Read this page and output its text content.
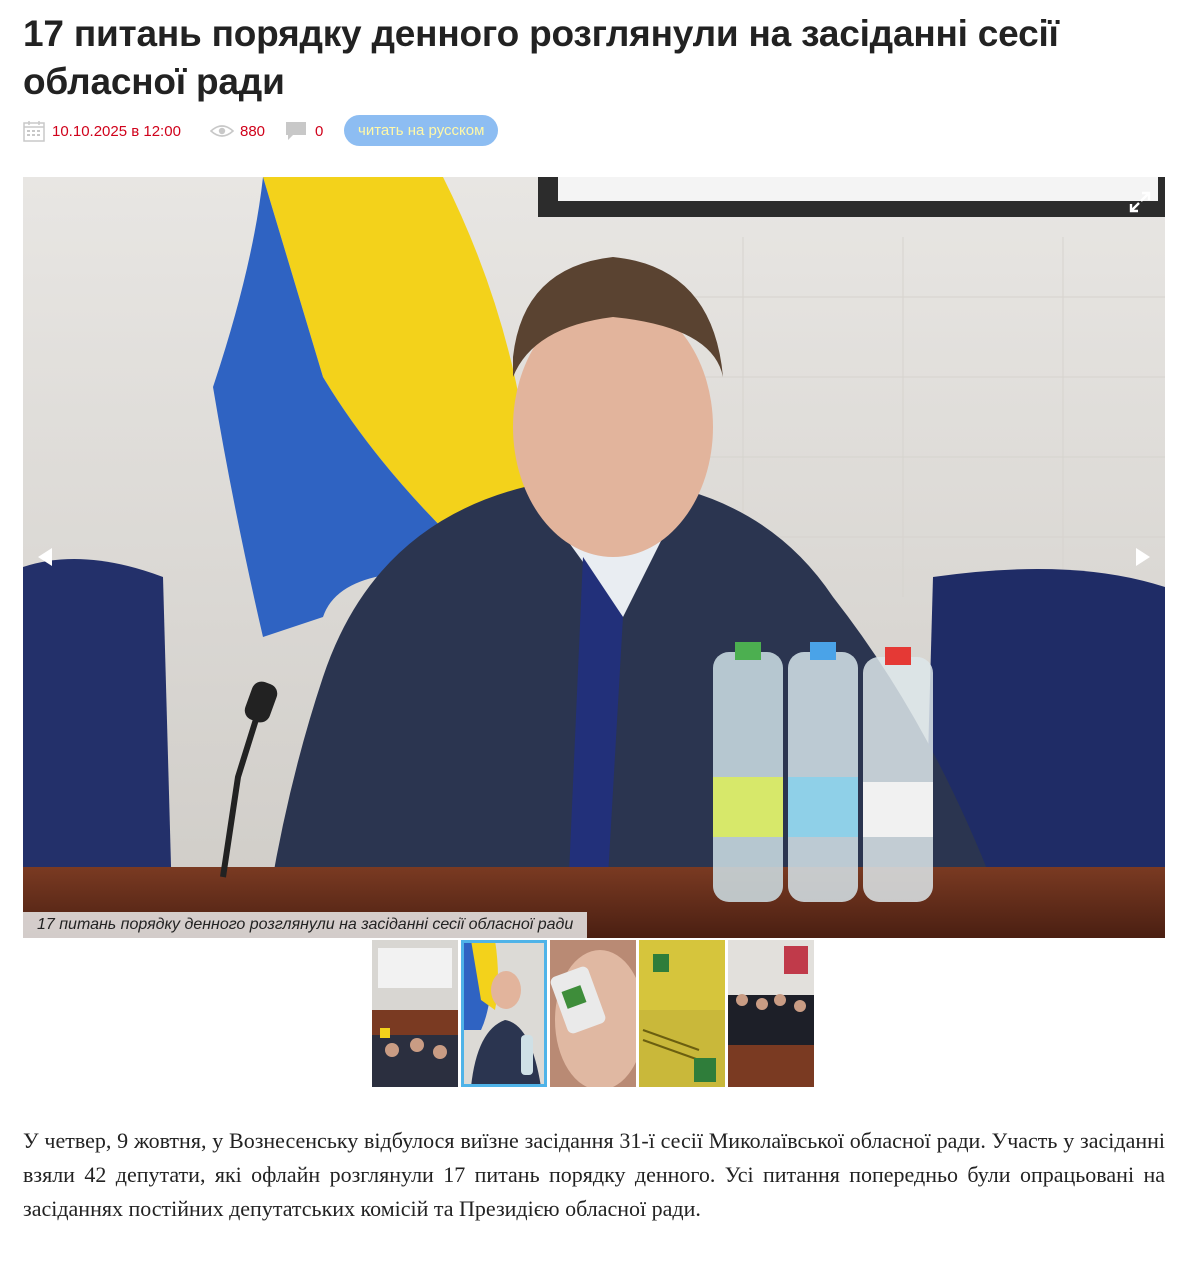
17 питань порядку денного розглянули на засіданні сесії обласної ради
10.10.2025 в 12:00	880	0	читать на русском
17 питань порядку денного розглянули на засіданні сесії обласної ради

У четвер, 9 жовтня, у Вознесенську відбулося виїзне засідання 31-ї сесії Миколаївської обласної ради. Участь у засіданні взяли 42 депутати, які офлайн розглянули 17 питань порядку денного. Усі питання попередньо були опрацьовані на засіданнях постійних депутатських комісій та Президією обласної ради.
